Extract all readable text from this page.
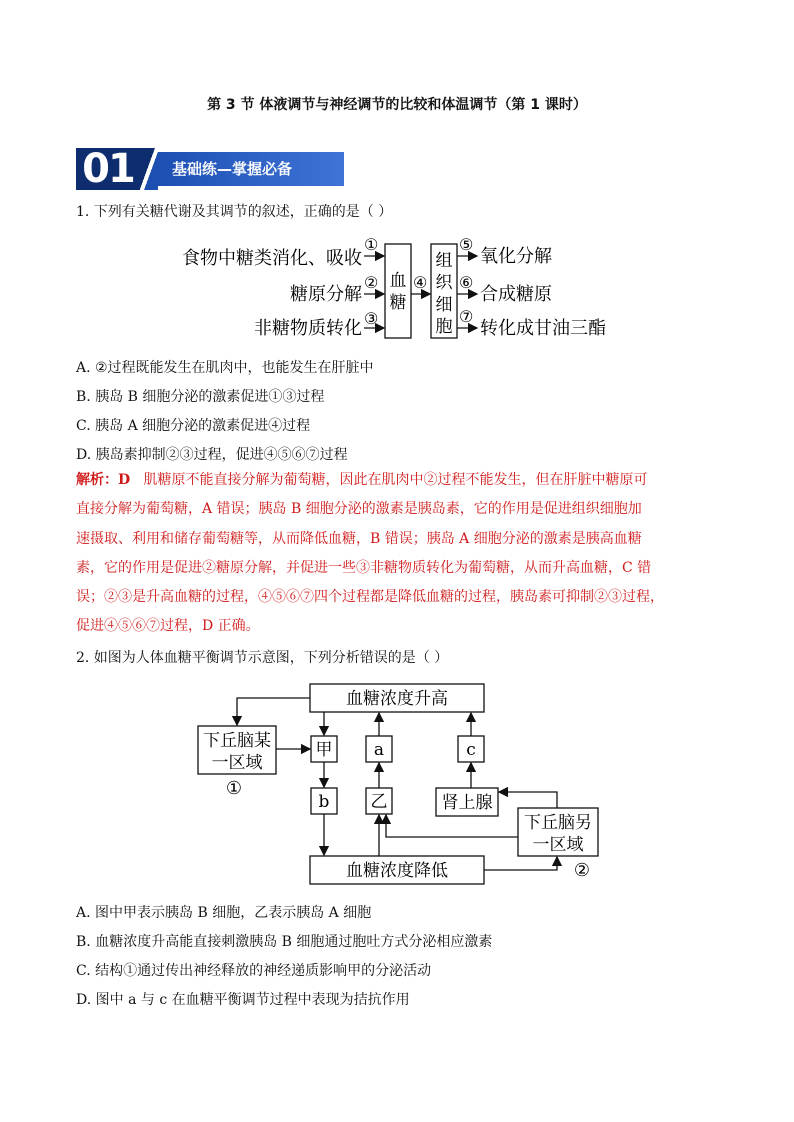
第 3 节 体液调节与神经调节的比较和体温调节（第 1 课时）
01	基础练—掌握必备
1. 下列有关糖代谢及其调节的叙述，正确的是（ ）
食物中糖类消化、吸收
糖原分解
非糖物质转化
①
②
③
血
糖
组
织
细
胞
④
⑤
⑥
⑦
氧化分解
合成糖原
转化成甘油三酯
A. ②过程既能发生在肌肉中，也能发生在肝脏中
B. 胰岛 B 细胞分泌的激素促进①③过程
C. 胰岛 A 细胞分泌的激素促进④过程
D. 胰岛素抑制②③过程，促进④⑤⑥⑦过程
解析：D 肌糖原不能直接分解为葡萄糖，因此在肌肉中②过程不能发生，但在肝脏中糖原可
直接分解为葡萄糖，A 错误；胰岛 B 细胞分泌的激素是胰岛素，它的作用是促进组织细胞加
速摄取、利用和储存葡萄糖等，从而降低血糖，B 错误；胰岛 A 细胞分泌的激素是胰高血糖
素，它的作用是促进②糖原分解，并促进一些③非糖物质转化为葡萄糖，从而升高血糖，C 错
误；②③是升高血糖的过程，④⑤⑥⑦四个过程都是降低血糖的过程，胰岛素可抑制②③过程，
促进④⑤⑥⑦过程，D 正确。
2. 如图为人体血糖平衡调节示意图，下列分析错误的是（ ）
血糖浓度升高
血糖浓度降低
下丘脑某
一区域
①
甲 a	c
b 乙	肾上腺
下丘脑另
一区域
②
A. 图中甲表示胰岛 B 细胞，乙表示胰岛 A 细胞
B. 血糖浓度升高能直接刺激胰岛 B 细胞通过胞吐方式分泌相应激素
C. 结构①通过传出神经释放的神经递质影响甲的分泌活动
D. 图中 a 与 c 在血糖平衡调节过程中表现为拮抗作用
